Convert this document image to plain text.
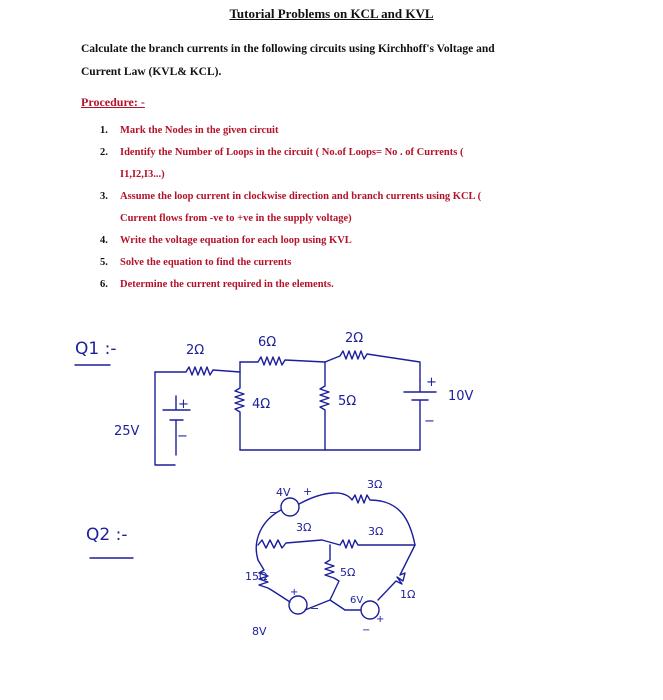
Tutorial Problems on KCL and KVL
Calculate the branch currents in the following circuits using Kirchhoff's Voltage and
Current Law (KVL& KCL).
Procedure: -
1. Mark the Nodes in the given circuit
2. Identify the Number of Loops in the circuit ( No.of Loops= No . of Currents (
I1,I2,I3...)
3. Assume the loop current in clockwise direction and branch currents using KCL (
Current flows from -ve to +ve in the supply voltage)
4. Write the voltage equation for each loop using KVL
5. Solve the equation to find the currents
6. Determine the current required in the elements.
Q1 :-	2Ω
6Ω	2Ω
4Ω	5Ω
+
−
25V
+
−
10V
Q2 :-
4V +
−
3Ω
3Ω	3Ω
15Ω
+
−
8V
5Ω
1Ω
6V
+
−
